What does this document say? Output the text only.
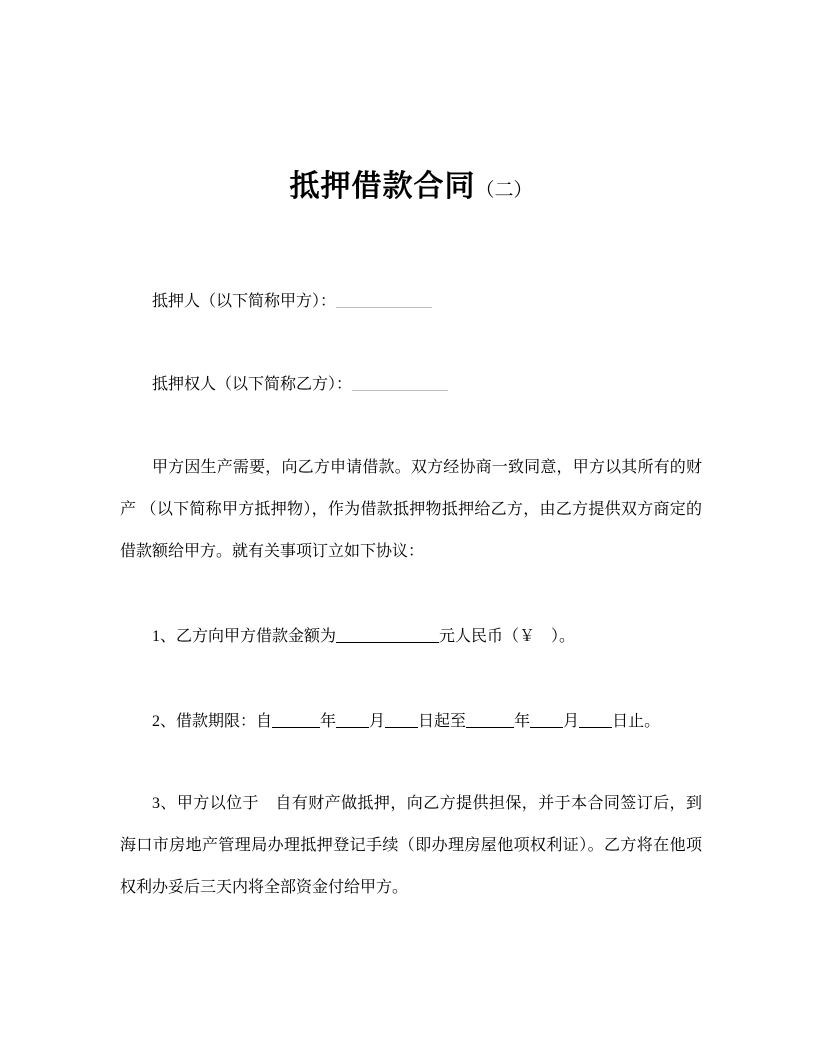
抵押借款合同（二）

抵押人（以下简称甲方）：

抵押权人（以下简称乙方）：

甲方因生产需要，向乙方申请借款。双方经协商一致同意，甲方以其所有的财产 （以下简称甲方抵押物），作为借款抵押物抵押给乙方，由乙方提供双方商定的借款额给甲方。就有关事项订立如下协议：

1、乙方向甲方借款金额为	元人民币（￥　）。

2、借款期限：自	年 月 日起至	年 月 日止。

3、甲方以位于　自有财产做抵押，向乙方提供担保，并于本合同签订后，到海口市房地产管理局办理抵押登记手续（即办理房屋他项权利证）。乙方将在他项权利办妥后三天内将全部资金付给甲方。
